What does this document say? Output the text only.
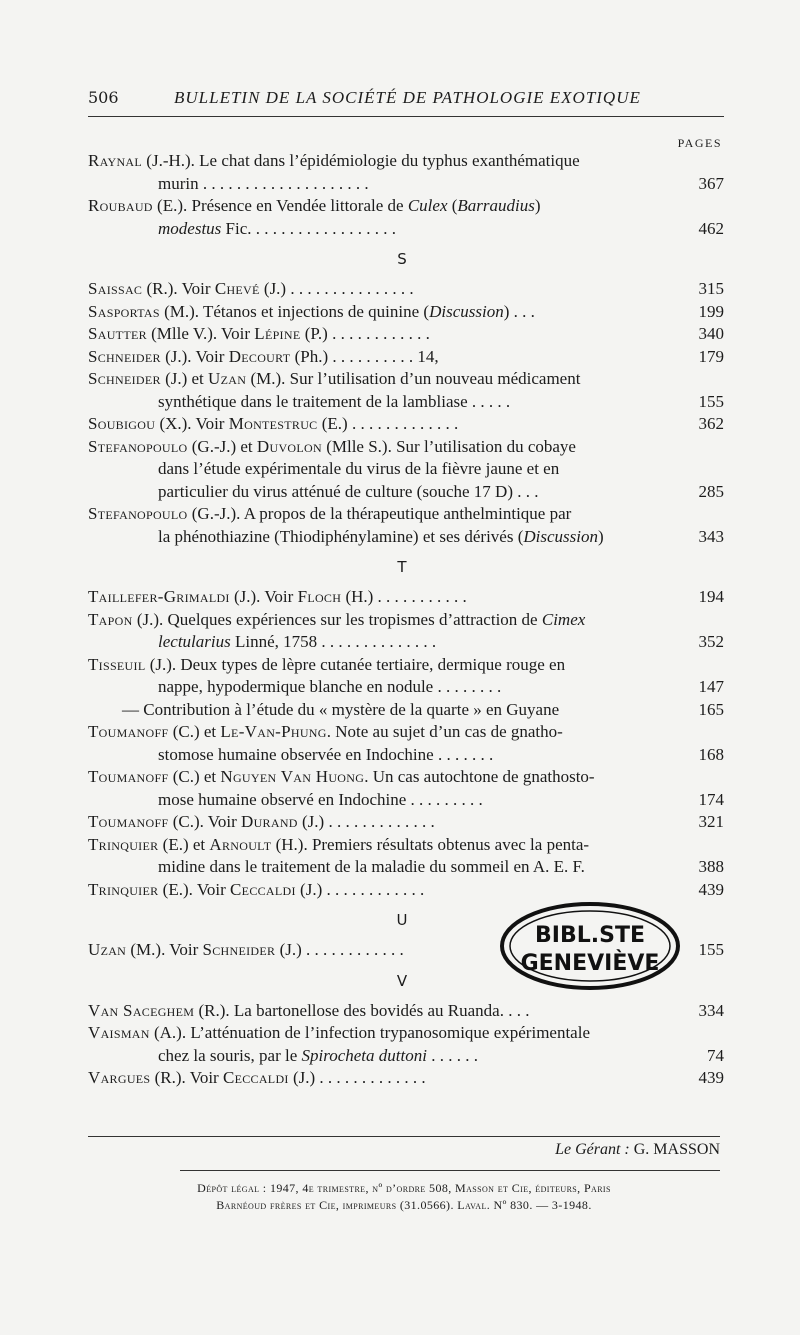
506	BULLETIN DE LA SOCIÉTÉ DE PATHOLOGIE EXOTIQUE
PAGES
Raynal (J.-H.). Le chat dans l’épidémiologie du typhus exanthématique
murin . . . . . . . . . . . . . . . . . . . .	367
Roubaud (E.). Présence en Vendée littorale de Culex (Barraudius)
modestus Fic. . . . . . . . . . . . . . . . . .	462
S
Saissac (R.). Voir Chevé (J.) . . . . . . . . . . . . . . .	315
Sasportas (M.). Tétanos et injections de quinine (Discussion) . . .	199
Sautter (Mlle V.). Voir Lépine (P.) . . . . . . . . . . . .	340
Schneider (J.). Voir Decourt (Ph.) . . . . . . . . . . 14,	179
Schneider (J.) et Uzan (M.). Sur l’utilisation d’un nouveau médicament
synthétique dans le traitement de la lambliase . . . . .	155
Soubigou (X.). Voir Montestruc (E.) . . . . . . . . . . . . .	362
Stefanopoulo (G.-J.) et Duvolon (Mlle S.). Sur l’utilisation du cobaye
dans l’étude expérimentale du virus de la fièvre jaune et en
particulier du virus atténué de culture (souche 17 D) . . .	285
Stefanopoulo (G.-J.). A propos de la thérapeutique anthelmintique par
la phénothiazine (Thiodiphénylamine) et ses dérivés (Discussion)	343
T
Taillefer-Grimaldi (J.). Voir Floch (H.) . . . . . . . . . . .	194
Tapon (J.). Quelques expériences sur les tropismes d’attraction de Cimex
lectularius Linné, 1758 . . . . . . . . . . . . . .	352
Tisseuil (J.). Deux types de lèpre cutanée tertiaire, dermique rouge en
nappe, hypodermique blanche en nodule . . . . . . . .	147
— Contribution à l’étude du « mystère de la quarte » en Guyane	165
Toumanoff (C.) et Le-Van-Phung. Note au sujet d’un cas de gnatho-
stomose humaine observée en Indochine . . . . . . .	168
Toumanoff (C.) et Nguyen Van Huong. Un cas autochtone de gnathosto-
mose humaine observé en Indochine . . . . . . . . .	174
Toumanoff (C.). Voir Durand (J.) . . . . . . . . . . . . .	321
Trinquier (E.) et Arnoult (H.). Premiers résultats obtenus avec la penta-
midine dans le traitement de la maladie du sommeil en A. E. F.	388
Trinquier (E.). Voir Ceccaldi (J.) . . . . . . . . . . . .	439
U
Uzan (M.). Voir Schneider (J.) . . . . . . . . . . . .	155
V
Van Saceghem (R.). La bartonellose des bovidés au Ruanda. . . .	334
Vaisman (A.). L’atténuation de l’infection trypanosomique expérimentale
chez la souris, par le Spirocheta duttoni . . . . . .	74
Vargues (R.). Voir Ceccaldi (J.) . . . . . . . . . . . . .	439
BIBL.STE
GENEVIÈVE
Le Gérant : G. MASSON
Dépôt légal : 1947, 4e trimestre, nº d’ordre 508, Masson et Cie, éditeurs, Paris
Barnéoud frères et Cie, imprimeurs (31.0566). Laval. Nº 830. — 3-1948.
